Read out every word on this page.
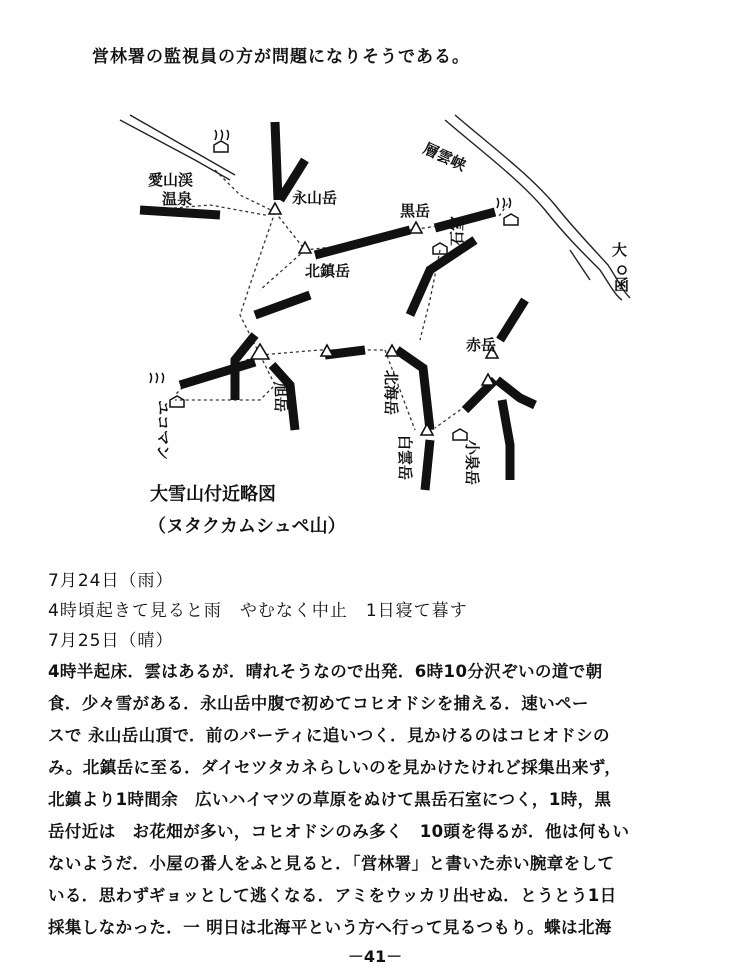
営林署の監視員の方が問題になりそうである。
愛山渓
温泉	永山岳
層雲峡
黒岳
石室
北鎮岳
大
函
赤岳
旭岳	北海岳
ユコマン	白雲岳	小泉岳
大雪山付近略図
（ヌタクカムシュペ山）
7月24日（雨）
4時頃起きて見ると雨　やむなく中止　1日寝て暮す
7月25日（晴）
4時半起床．雲はあるが．晴れそうなので出発．6時10分沢ぞいの道で朝
食．少々雪がある．永山岳中腹で初めてコヒオドシを捕える．速いペー
スで 永山岳山頂で．前のパーティに追いつく．見かけるのはコヒオドシの
み。北鎮岳に至る．ダイセツタカネらしいのを見かけたけれど採集出来ず，
北鎮より1時間余　広いハイマツの草原をぬけて黒岳石室につく，1時，黒
岳付近は　お花畑が多い，コヒオドシのみ多く　10頭を得るが．他は何もい
ないようだ．小屋の番人をふと見ると．「営林署」と書いた赤い腕章をして
いる．思わずギョッとして逃くなる．アミをウッカリ出せぬ．とうとう1日
採集しなかった．一 明日は北海平という方へ行って見るつもり。蝶は北海
－41－
